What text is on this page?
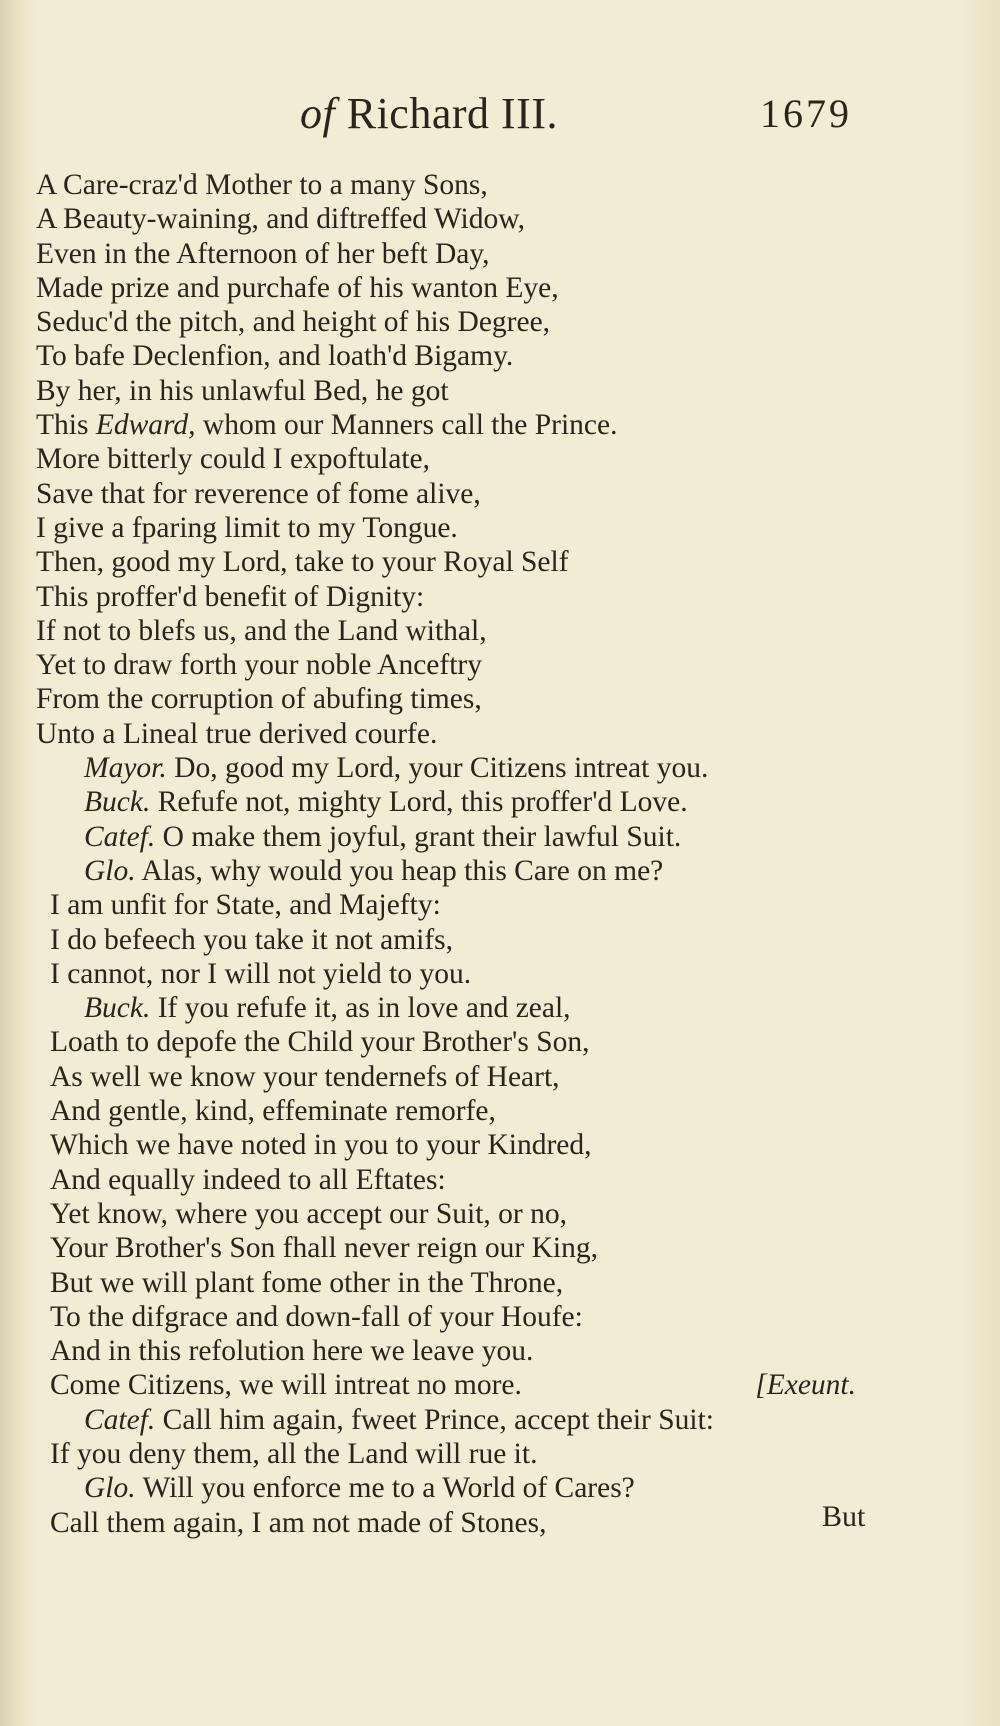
of Richard III.	1679
A Care-craz'd Mother to a many Sons,
A Beauty-waining, and diftreffed Widow,
Even in the Afternoon of her beft Day,
Made prize and purchafe of his wanton Eye,
Seduc'd the pitch, and height of his Degree,
To bafe Declenfion, and loath'd Bigamy.
By her, in his unlawful Bed, he got
This Edward, whom our Manners call the Prince.
More bitterly could I expoftulate,
Save that for reverence of fome alive,
I give a fparing limit to my Tongue.
Then, good my Lord, take to your Royal Self
This proffer'd benefit of Dignity:
If not to blefs us, and the Land withal,
Yet to draw forth your noble Anceftry
From the corruption of abufing times,
Unto a Lineal true derived courfe.
Mayor. Do, good my Lord, your Citizens intreat you.
Buck. Refufe not, mighty Lord, this proffer'd Love.
Catef. O make them joyful, grant their lawful Suit.
Glo. Alas, why would you heap this Care on me?
I am unfit for State, and Majefty:
I do befeech you take it not amifs,
I cannot, nor I will not yield to you.
Buck. If you refufe it, as in love and zeal,
Loath to depofe the Child your Brother's Son,
As well we know your tendernefs of Heart,
And gentle, kind, effeminate remorfe,
Which we have noted in you to your Kindred,
And equally indeed to all Eftates:
Yet know, where you accept our Suit, or no,
Your Brother's Son fhall never reign our King,
But we will plant fome other in the Throne,
To the difgrace and down-fall of your Houfe:
And in this refolution here we leave you.
Come Citizens, we will intreat no more.	[Exeunt.
Catef. Call him again, fweet Prince, accept their Suit:
If you deny them, all the Land will rue it.
Glo. Will you enforce me to a World of Cares?
Call them again, I am not made of Stones,	But
